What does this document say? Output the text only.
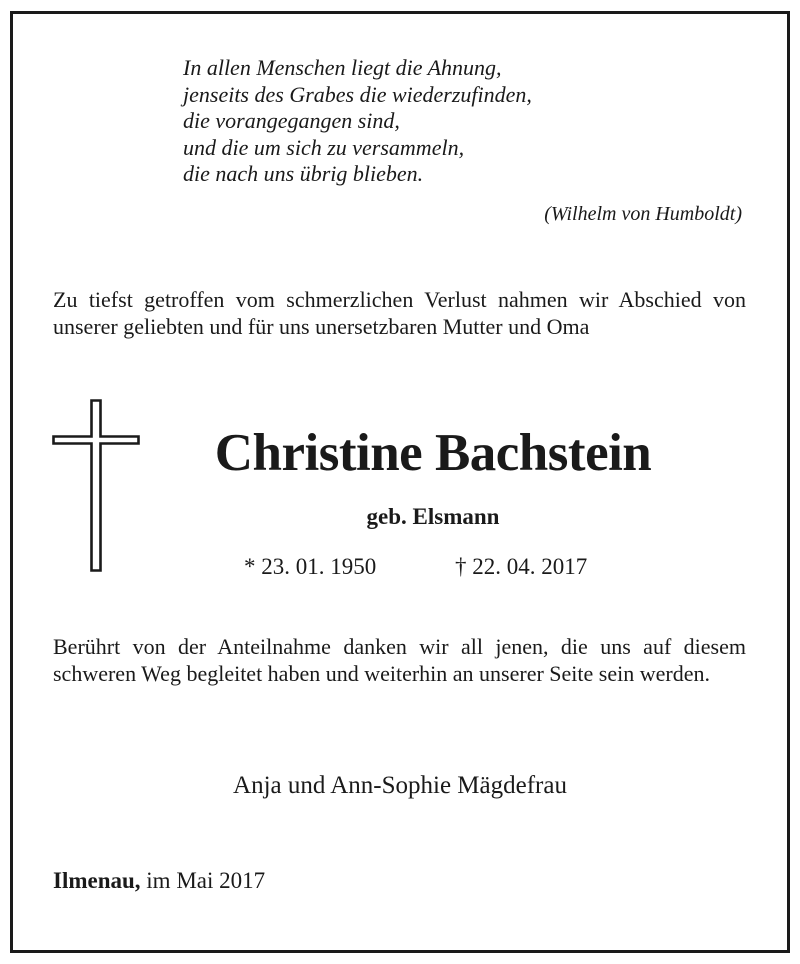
In allen Menschen liegt die Ahnung,
jenseits des Grabes die wiederzufinden,
die vorangegangen sind,
und die um sich zu versammeln,
die nach uns übrig blieben.

(Wilhelm von Humboldt)

Zu tiefst getroffen vom schmerzlichen Verlust nahmen wir Abschied von unserer geliebten und für uns unersetzbaren Mutter und Oma

Christine Bachstein
geb. Elsmann
* 23. 01. 1950	† 22. 04. 2017

Berührt von der Anteilnahme danken wir all jenen, die uns auf diesem schweren Weg begleitet haben und weiterhin an unserer Seite sein werden.

Anja und Ann-Sophie Mägdefrau
Ilmenau, im Mai 2017
